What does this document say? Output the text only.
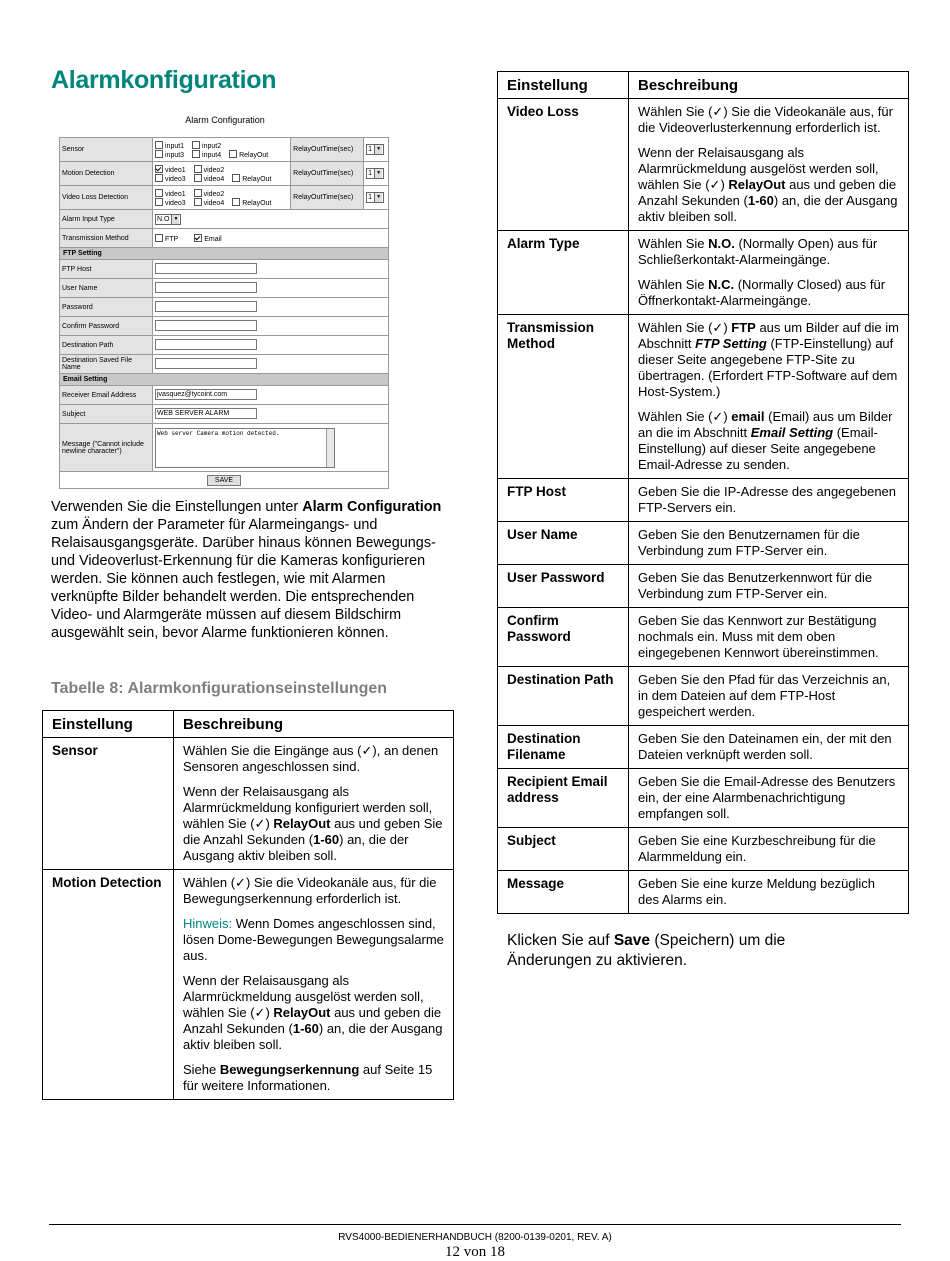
Alarmkonfiguration
Alarm Configuration
Sensor	input1 input2
input3 input4 RelayOut	RelayOutTime(sec)	1 ▼
Motion Detection	video1 video2
video3 video4 RelayOut	RelayOutTime(sec)	1 ▼
Video Loss Detection	video1 video2
video3 video4 RelayOut	RelayOutTime(sec)	1 ▼
Alarm Input Type	N.O ▼		
Transmission Method	FTP Email		
FTP Setting			
FTP Host			
User Name			
Password			
Confirm Password			
Destination Path			
Destination Saved File Name			
Email Setting			
Receiver Email Address	jvasquez@tycoint.com		
Subject	WEB SERVER ALARM		
Message ("Cannot include newline character")	Web server Camera motion detected.		

SAVE			

Verwenden Sie die Einstellungen unter Alarm Configuration zum Ändern der Parameter für Alarmeingangs- und Relaisausgangsgeräte. Darüber hinaus können Bewegungs- und Videoverlust-Erkennung für die Kameras konfigurieren werden. Sie können auch festlegen, wie mit Alarmen verknüpfte Bilder behandelt werden. Die entsprechenden Video- und Alarmgeräte müssen auf diesem Bildschirm ausgewählt sein, bevor Alarme funktionieren können.

Tabelle 8: Alarmkonfigurationseinstellungen

Einstellung	Beschreibung
Sensor	Wählen Sie die Eingänge aus (✓), an denen Sensoren angeschlossen sind.

Wenn der Relaisausgang als Alarmrückmeldung konfiguriert werden soll, wählen Sie (✓) RelayOut aus und geben Sie die Anzahl Sekunden (1-60) an, die der Ausgang aktiv bleiben soll.

Motion Detection	Wählen (✓) Sie die Videokanäle aus, für die Bewegungserkennung erforderlich ist.

Hinweis: Wenn Domes angeschlossen sind, lösen Dome-Bewegungen Bewegungsalarme aus.

Wenn der Relaisausgang als Alarmrückmeldung ausgelöst werden soll, wählen Sie (✓) RelayOut aus und geben die Anzahl Sekunden (1-60) an, die der Ausgang aktiv bleiben soll.

Siehe Bewegungserkennung auf Seite 15 für weitere Informationen.

Einstellung	Beschreibung
Video Loss	Wählen Sie (✓) Sie die Videokanäle aus, für die Videoverlusterkennung erforderlich ist.

Wenn der Relaisausgang als Alarmrückmeldung ausgelöst werden soll, wählen Sie (✓) RelayOut aus und geben die Anzahl Sekunden (1-60) an, die der Ausgang aktiv bleiben soll.

Alarm Type	Wählen Sie N.O. (Normally Open) aus für Schließerkontakt-Alarmeingänge.

Wählen Sie N.C. (Normally Closed) aus für Öffnerkontakt-Alarmeingänge.

Transmission Method	Wählen Sie (✓) FTP aus um Bilder auf die im Abschnitt FTP Setting (FTP-Einstellung) auf dieser Seite angegebene FTP-Site zu übertragen. (Erfordert FTP-Software auf dem Host-System.)

Wählen Sie (✓) email (Email) aus um Bilder an die im Abschnitt Email Setting (Email-Einstellung) auf dieser Seite angegebene Email-Adresse zu senden.

FTP Host	Geben Sie die IP-Adresse des angegebenen FTP-Servers ein.
User Name	Geben Sie den Benutzernamen für die Verbindung zum FTP-Server ein.
User Password	Geben Sie das Benutzerkennwort für die Verbindung zum FTP-Server ein.
Confirm Password	Geben Sie das Kennwort zur Bestätigung nochmals ein. Muss mit dem oben eingegebenen Kennwort übereinstimmen.
Destination Path	Geben Sie den Pfad für das Verzeichnis an, in dem Dateien auf dem FTP-Host gespeichert werden.
Destination Filename	Geben Sie den Dateinamen ein, der mit den Dateien verknüpft werden soll.
Recipient Email address	Geben Sie die Email-Adresse des Benutzers ein, der eine Alarmbenachrichtigung empfangen soll.
Subject	Geben Sie eine Kurzbeschreibung für die Alarmmeldung ein.
Message	Geben Sie eine kurze Meldung bezüglich des Alarms ein.

Klicken Sie auf Save (Speichern) um die Änderungen zu aktivieren.

RVS4000-BEDIENERHANDBUCH (8200-0139-0201, REV. A)
12 von 18
